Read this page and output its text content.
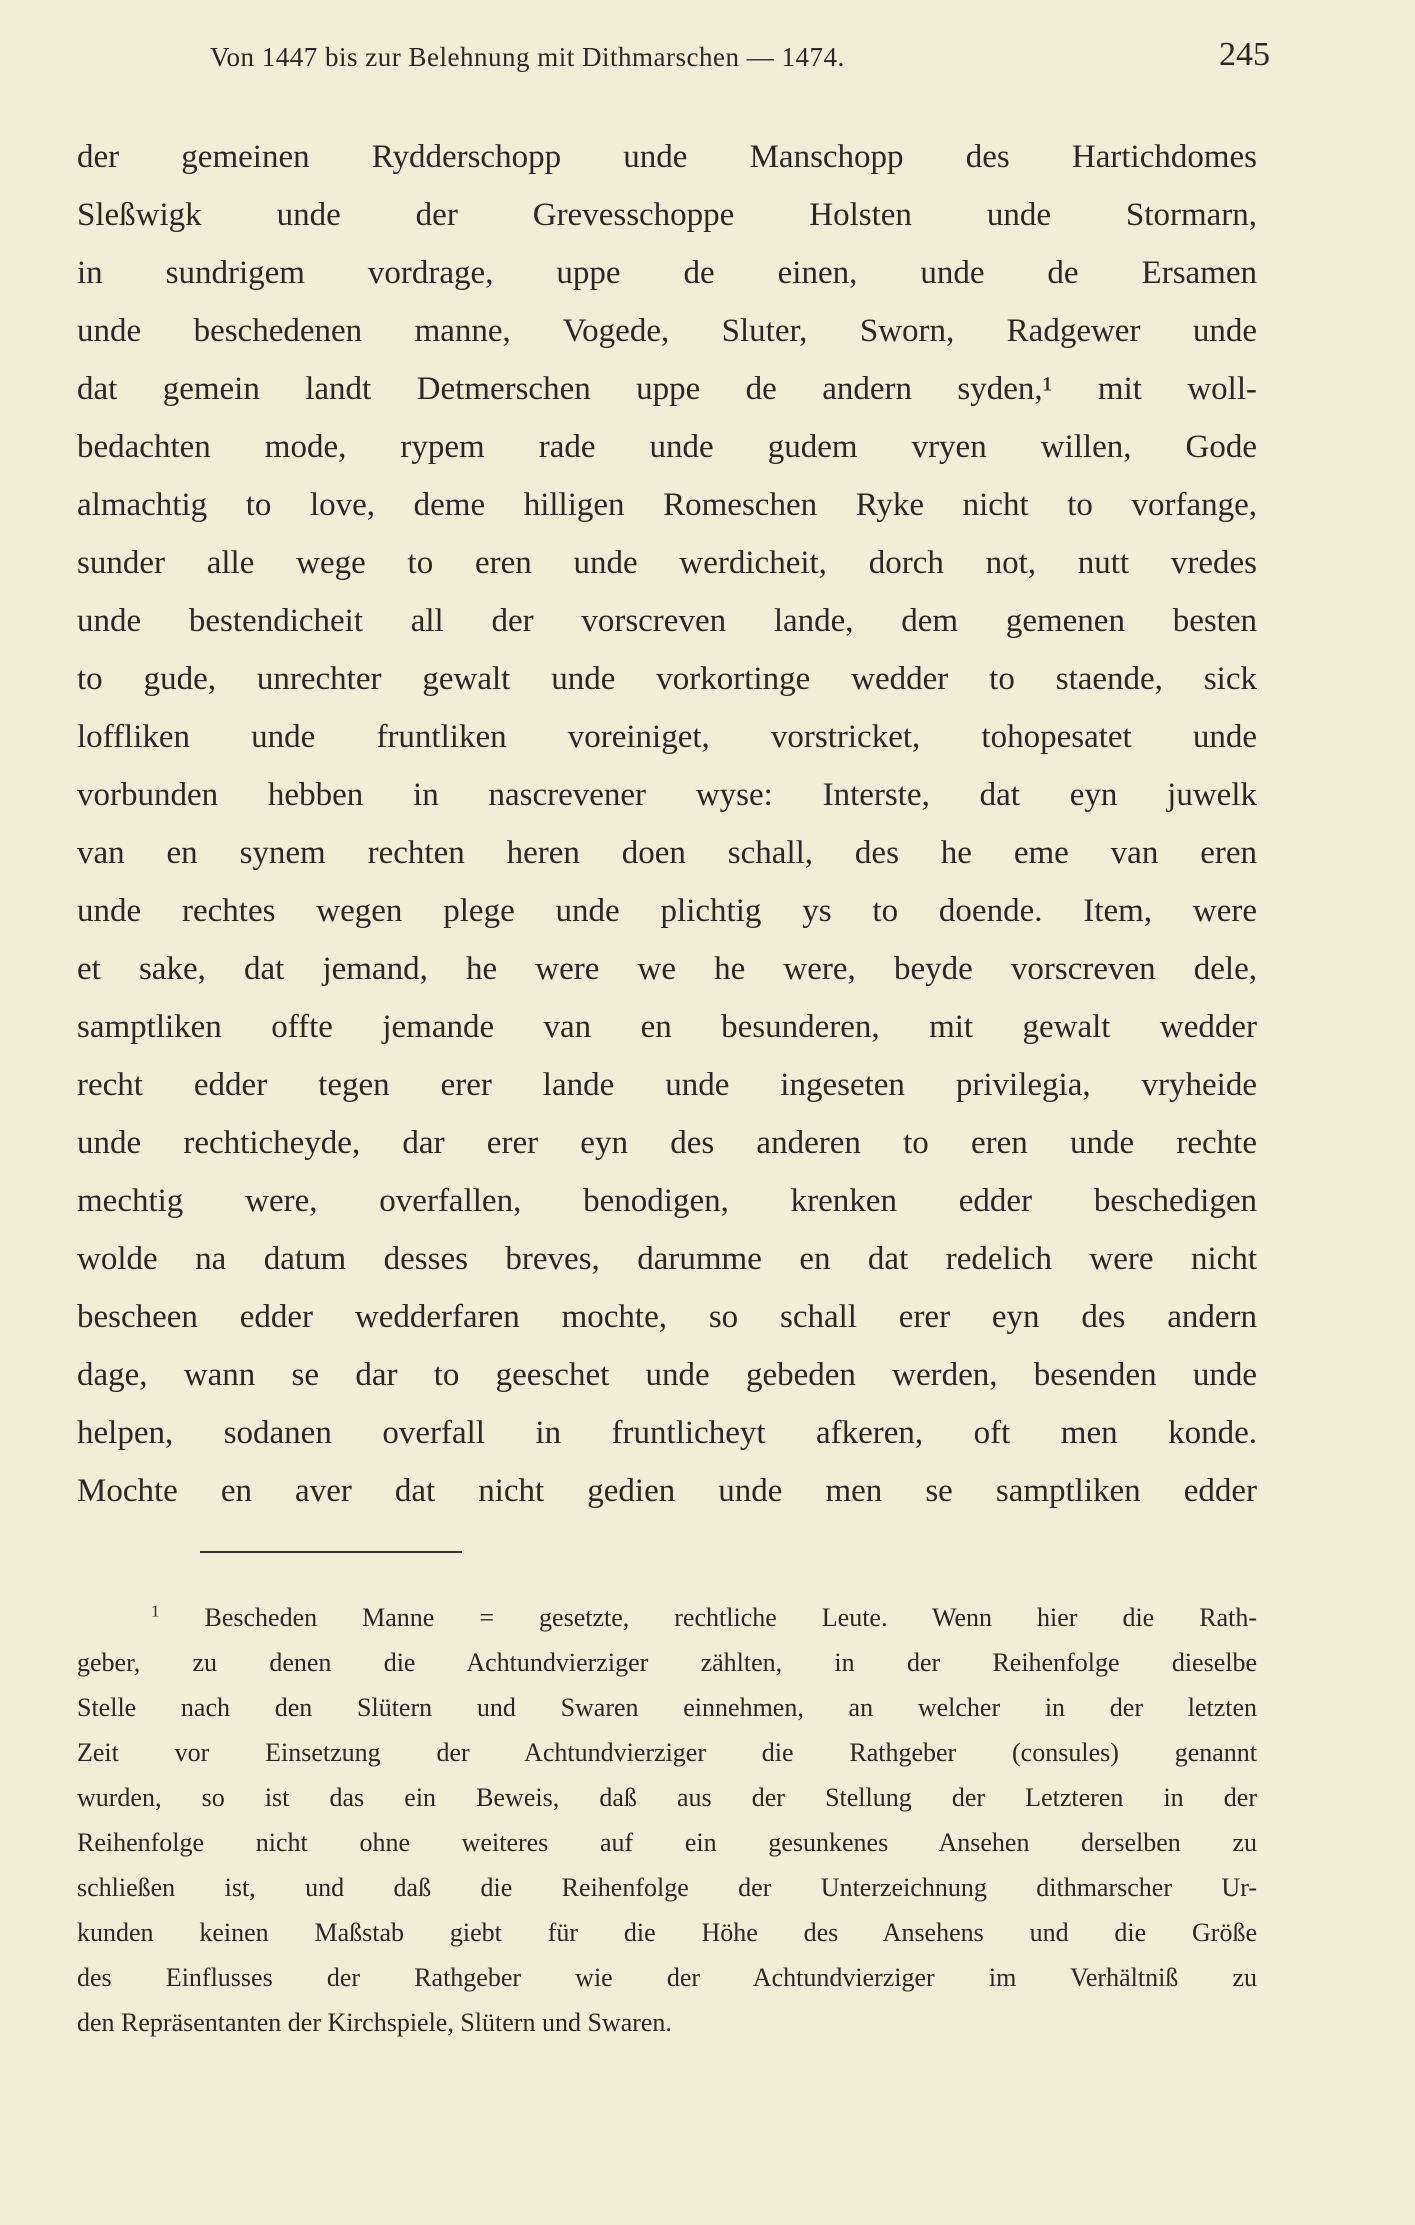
Von 1447 bis zur Belehnung mit Dithmarschen — 1474.	245
der gemeinen Rydderschopp unde Manschopp des Hartichdomes
Sleßwigk unde der Grevesschoppe Holsten unde Stormarn,
in sundrigem vordrage, uppe de einen, unde de Ersamen
unde beschedenen manne, Vogede, Sluter, Sworn, Radgewer unde
dat gemein landt Detmerschen uppe de andern syden,¹ mit woll-
bedachten mode, rypem rade unde gudem vryen willen, Gode
almachtig to love, deme hilligen Romeschen Ryke nicht to vorfange,
sunder alle wege to eren unde werdicheit, dorch not, nutt vredes
unde bestendicheit all der vorscreven lande, dem gemenen besten
to gude, unrechter gewalt unde vorkortinge wedder to staende, sick
loffliken unde fruntliken voreiniget, vorstricket, tohopesatet unde
vorbunden hebben in nascrevener wyse: Interste, dat eyn juwelk
van en synem rechten heren doen schall, des he eme van eren
unde rechtes wegen plege unde plichtig ys to doende. Item, were
et sake, dat jemand, he were we he were, beyde vorscreven dele,
samptliken offte jemande van en besunderen, mit gewalt wedder
recht edder tegen erer lande unde ingeseten privilegia, vryheide
unde rechticheyde, dar erer eyn des anderen to eren unde rechte
mechtig were, overfallen, benodigen, krenken edder beschedigen
wolde na datum desses breves, darumme en dat redelich were nicht
bescheen edder wedderfaren mochte, so schall erer eyn des andern
dage, wann se dar to geeschet unde gebeden werden, besenden unde
helpen, sodanen overfall in fruntlicheyt afkeren, oft men konde.
Mochte en aver dat nicht gedien unde men se samptliken edder
$^1$ Bescheden Manne = gesetzte, rechtliche Leute. Wenn hier die Rath-
geber, zu denen die Achtundvierziger zählten, in der Reihenfolge dieselbe
Stelle nach den Slütern und Swaren einnehmen, an welcher in der letzten
Zeit vor Einsetzung der Achtundvierziger die Rathgeber (consules) genannt
wurden, so ist das ein Beweis, daß aus der Stellung der Letzteren in der
Reihenfolge nicht ohne weiteres auf ein gesunkenes Ansehen derselben zu
schließen ist, und daß die Reihenfolge der Unterzeichnung dithmarscher Ur-
kunden keinen Maßstab giebt für die Höhe des Ansehens und die Größe
des Einflusses der Rathgeber wie der Achtundvierziger im Verhältniß zu
den Repräsentanten der Kirchspiele, Slütern und Swaren.
